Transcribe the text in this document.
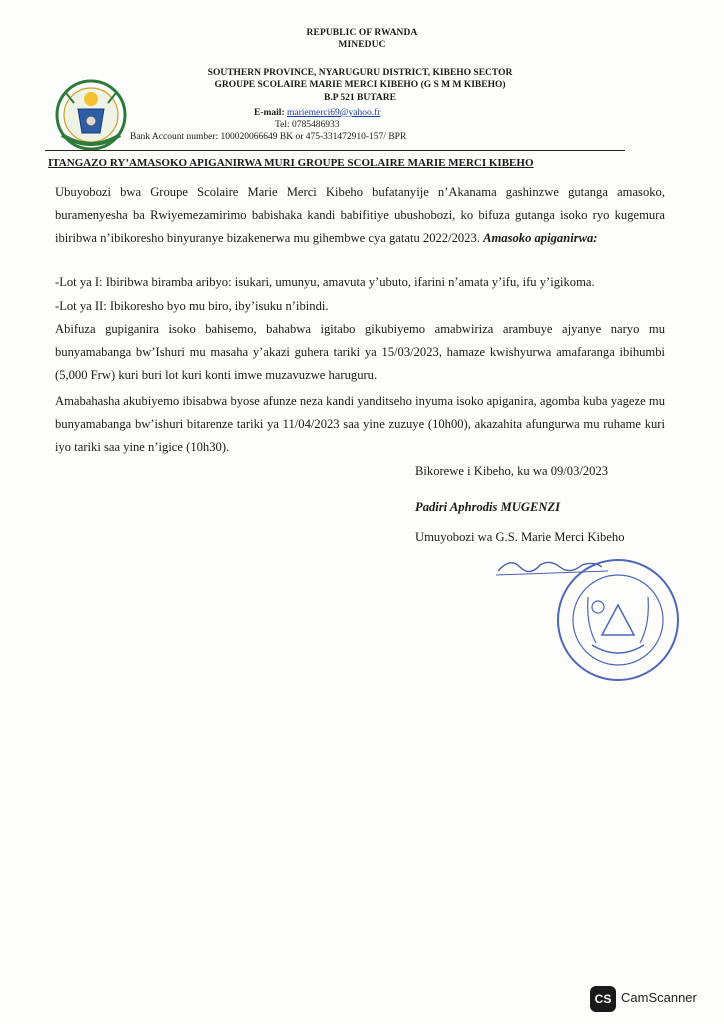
REPUBLIC OF RWANDA
MINEDUC
SOUTHERN PROVINCE, NYARUGURU DISTRICT, KIBEHO SECTOR
GROUPE SCOLAIRE MARIE MERCI KIBEHO (G S M M KIBEHO)
B.P 521 BUTARE
E-mail: mariemerci69@yahoo.fr
Tel: 0785486933
Bank Account number: 100020066649 BK or 475-331472910-157/ BPR
ITANGAZO RY’AMASOKO APIGANIRWA MURI GROUPE SCOLAIRE MARIE MERCI KIBEHO
Ubuyobozi bwa Groupe Scolaire Marie Merci Kibeho bufatanyije n’Akanama gashinzwe gutanga amasoko, buramenyesha ba Rwiyemezamirimo babishaka kandi babifitiye ubushobozi, ko bifuza gutanga isoko ryo kugemura ibiribwa n’ibikoresho binyuranye bizakenerwa mu gihembwe cya gatatu 2022/2023. Amasoko apiganirwa:
-Lot ya I: Ibiribwa biramba aribyo: isukari, umunyu, amavuta y’ubuto, ifarini n’amata y’ifu, ifu y’igikoma.
-Lot ya II: Ibikoresho byo mu biro, iby’isuku n’ibindi.
Abifuza gupiganira isoko bahisemo, bahabwa igitabo gikubiyemo amabwiriza arambuye ajyanye naryo mu bunyamabanga bw’Ishuri mu masaha y’akazi guhera tariki ya 15/03/2023, hamaze kwishyurwa amafaranga ibihumbi (5,000 Frw) kuri buri lot kuri konti imwe muzavuzwe haruguru.
Amabahasha akubiyemo ibisabwa byose afunze neza kandi yanditseho inyuma isoko apiganira, agomba kuba yageze mu bunyamabanga bw’ishuri bitarenze tariki ya 11/04/2023 saa yine zuzuye (10h00), akazahita afungurwa mu ruhame kuri iyo tariki saa yine n’igice (10h30).
Bikorewe i Kibeho, ku wa 09/03/2023
Padiri Aphrodis MUGENZI
Umuyobozi wa G.S. Marie Merci Kibeho
CS CamScanner
